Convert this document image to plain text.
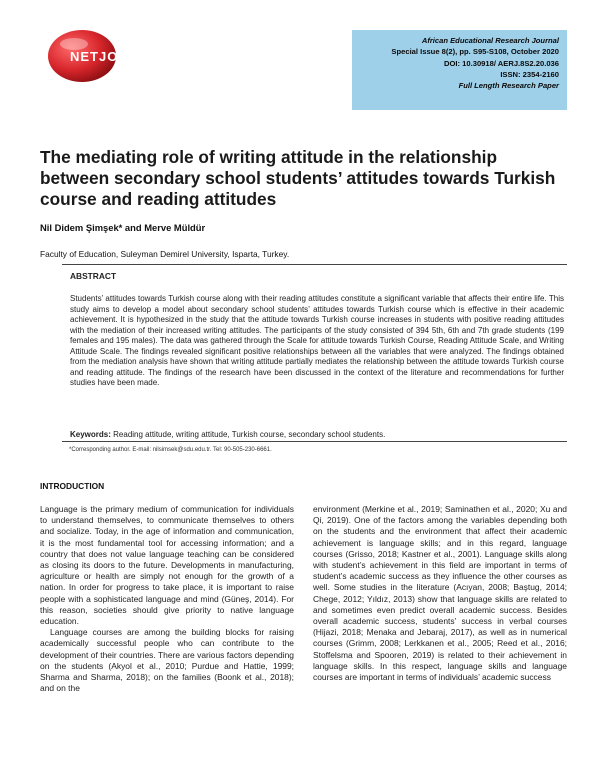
NETJOURNALS
African Educational Research Journal
Special Issue 8(2), pp. S95-S108, October 2020
DOI: 10.30918/ AERJ.8S2.20.036
ISSN: 2354-2160
Full Length Research Paper
The mediating role of writing attitude in the relationship between secondary school students’ attitudes towards Turkish course and reading attitudes
Nil Didem Şimşek* and Merve Müldür
Faculty of Education, Suleyman Demirel University, Isparta, Turkey.
ABSTRACT
Students’ attitudes towards Turkish course along with their reading attitudes constitute a significant variable that affects their entire life. This study aims to develop a model about secondary school students’ attitudes towards Turkish course which is effective in their academic achievement. It is hypothesized in the study that the attitude towards Turkish course increases in students with positive reading attitudes with the mediation of their increased writing attitudes. The participants of the study consisted of 394 5th, 6th and 7th grade students (199 females and 195 males). The data was gathered through the Scale for attitude towards Turkish Course, Reading Attitude Scale, and Writing Attitude Scale. The findings revealed significant positive relationships between all the variables that were analyzed. The findings obtained from the mediation analysis have shown that writing attitude partially mediates the relationship between the attitude towards Turkish course and reading attitude. The findings of the research have been discussed in the context of the literature and recommendations for further studies have been made.
Keywords: Reading attitude, writing attitude, Turkish course, secondary school students.
*Corresponding author. E-mail: nilsimsek@sdu.edu.tr. Tel: 90-505-230-6661.
INTRODUCTION

Language is the primary medium of communication for individuals to understand themselves, to communicate themselves to others and socialize. Today, in the age of information and communication, it is the most fundamental tool for accessing information; and a country that does not value language teaching can be considered as closing its doors to the future. Developments in manufacturing, agriculture or health are simply not enough for the growth of a nation. In order for progress to take place, it is important to raise people with a sophisticated language and mind (Güneş, 2014). For this reason, societies should give priority to native language education.

Language courses are among the building blocks for raising academically successful people who can contribute to the development of their countries. There are various factors depending on the students (Akyol et al., 2010; Purdue and Hattie, 1999; Sharma and Sharma, 2018); on the families (Boonk et al., 2018); and on the

environment (Merkine et al., 2019; Saminathen et al., 2020; Xu and Qi, 2019). One of the factors among the variables depending both on the students and the environment that affect their academic achievement is language skills; and in this regard, language courses (Grisso, 2018; Kastner et al., 2001). Language skills along with student’s achievement in this field are important in terms of student’s academic success as they influence the other courses as well. Some studies in the literature (Acıyan, 2008; Baştug, 2014; Chege, 2012; Yıldız, 2013) show that language skills are related to and sometimes even predict overall academic success. Besides overall academic success, students’ success in verbal courses (Hijazi, 2018; Menaka and Jebaraj, 2017), as well as in numerical courses (Grimm, 2008; Lerkkanen et al., 2005; Reed et al., 2016; Stoffelsma and Spooren, 2019) is related to their achievement in language skills. In this respect, language skills and language courses are important in terms of individuals’ academic success
